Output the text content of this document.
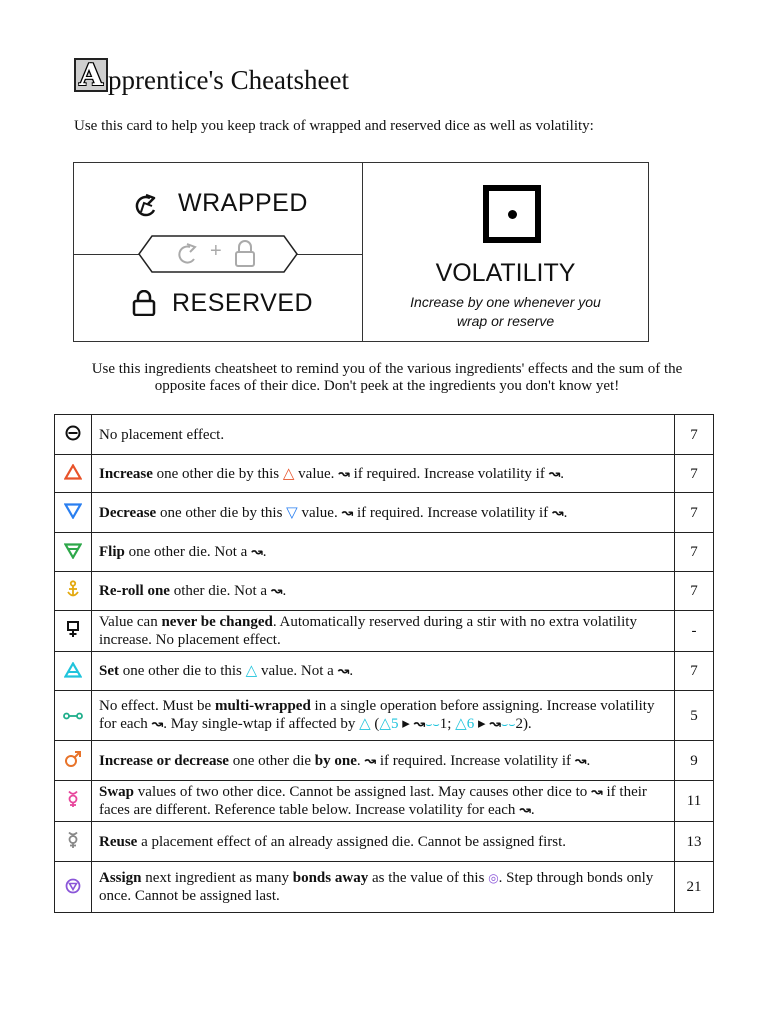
A pprentice's Cheatsheet
Use this card to help you keep track of wrapped and reserved dice as well as volatility:
WRAPPED
+
RESERVED
VOLATILITY
Increase by one whenever you
wrap or reserve
Use this ingredients cheatsheet to remind you of the various ingredients' effects and the sum of the opposite faces of their dice. Don't peek at the ingredients you don't know yet!
	No placement effect.	7

	Increase one other die by this △ value. ↝ if required. Increase volatility if ↝.	7

	Decrease one other die by this ▽ value. ↝ if required. Increase volatility if ↝.	7

	Flip one other die. Not a ↝.	7

	Re-roll one other die. Not a ↝.	7

	Value can never be changed. Automatically reserved during a stir with no extra volatility increase. No placement effect.	-

	Set one other die to this △ value. Not a ↝.	7

	No effect. Must be multi-wrapped in a single operation before assigning. Increase volatility for each ↝. May single-wtap if affected by △ (△5 ▸ ↝⌣⌣1; △6 ▸ ↝⌣⌣2).	5

	Increase or decrease one other die by one. ↝ if required. Increase volatility if ↝.	9

	Swap values of two other dice. Cannot be assigned last. May causes other dice to ↝ if their faces are different. Reference table below. Increase volatility for each ↝.	11

	Reuse a placement effect of an already assigned die. Cannot be assigned first.	13

	Assign next ingredient as many bonds away as the value of this ◎. Step through bonds only once. Cannot be assigned last.	21
